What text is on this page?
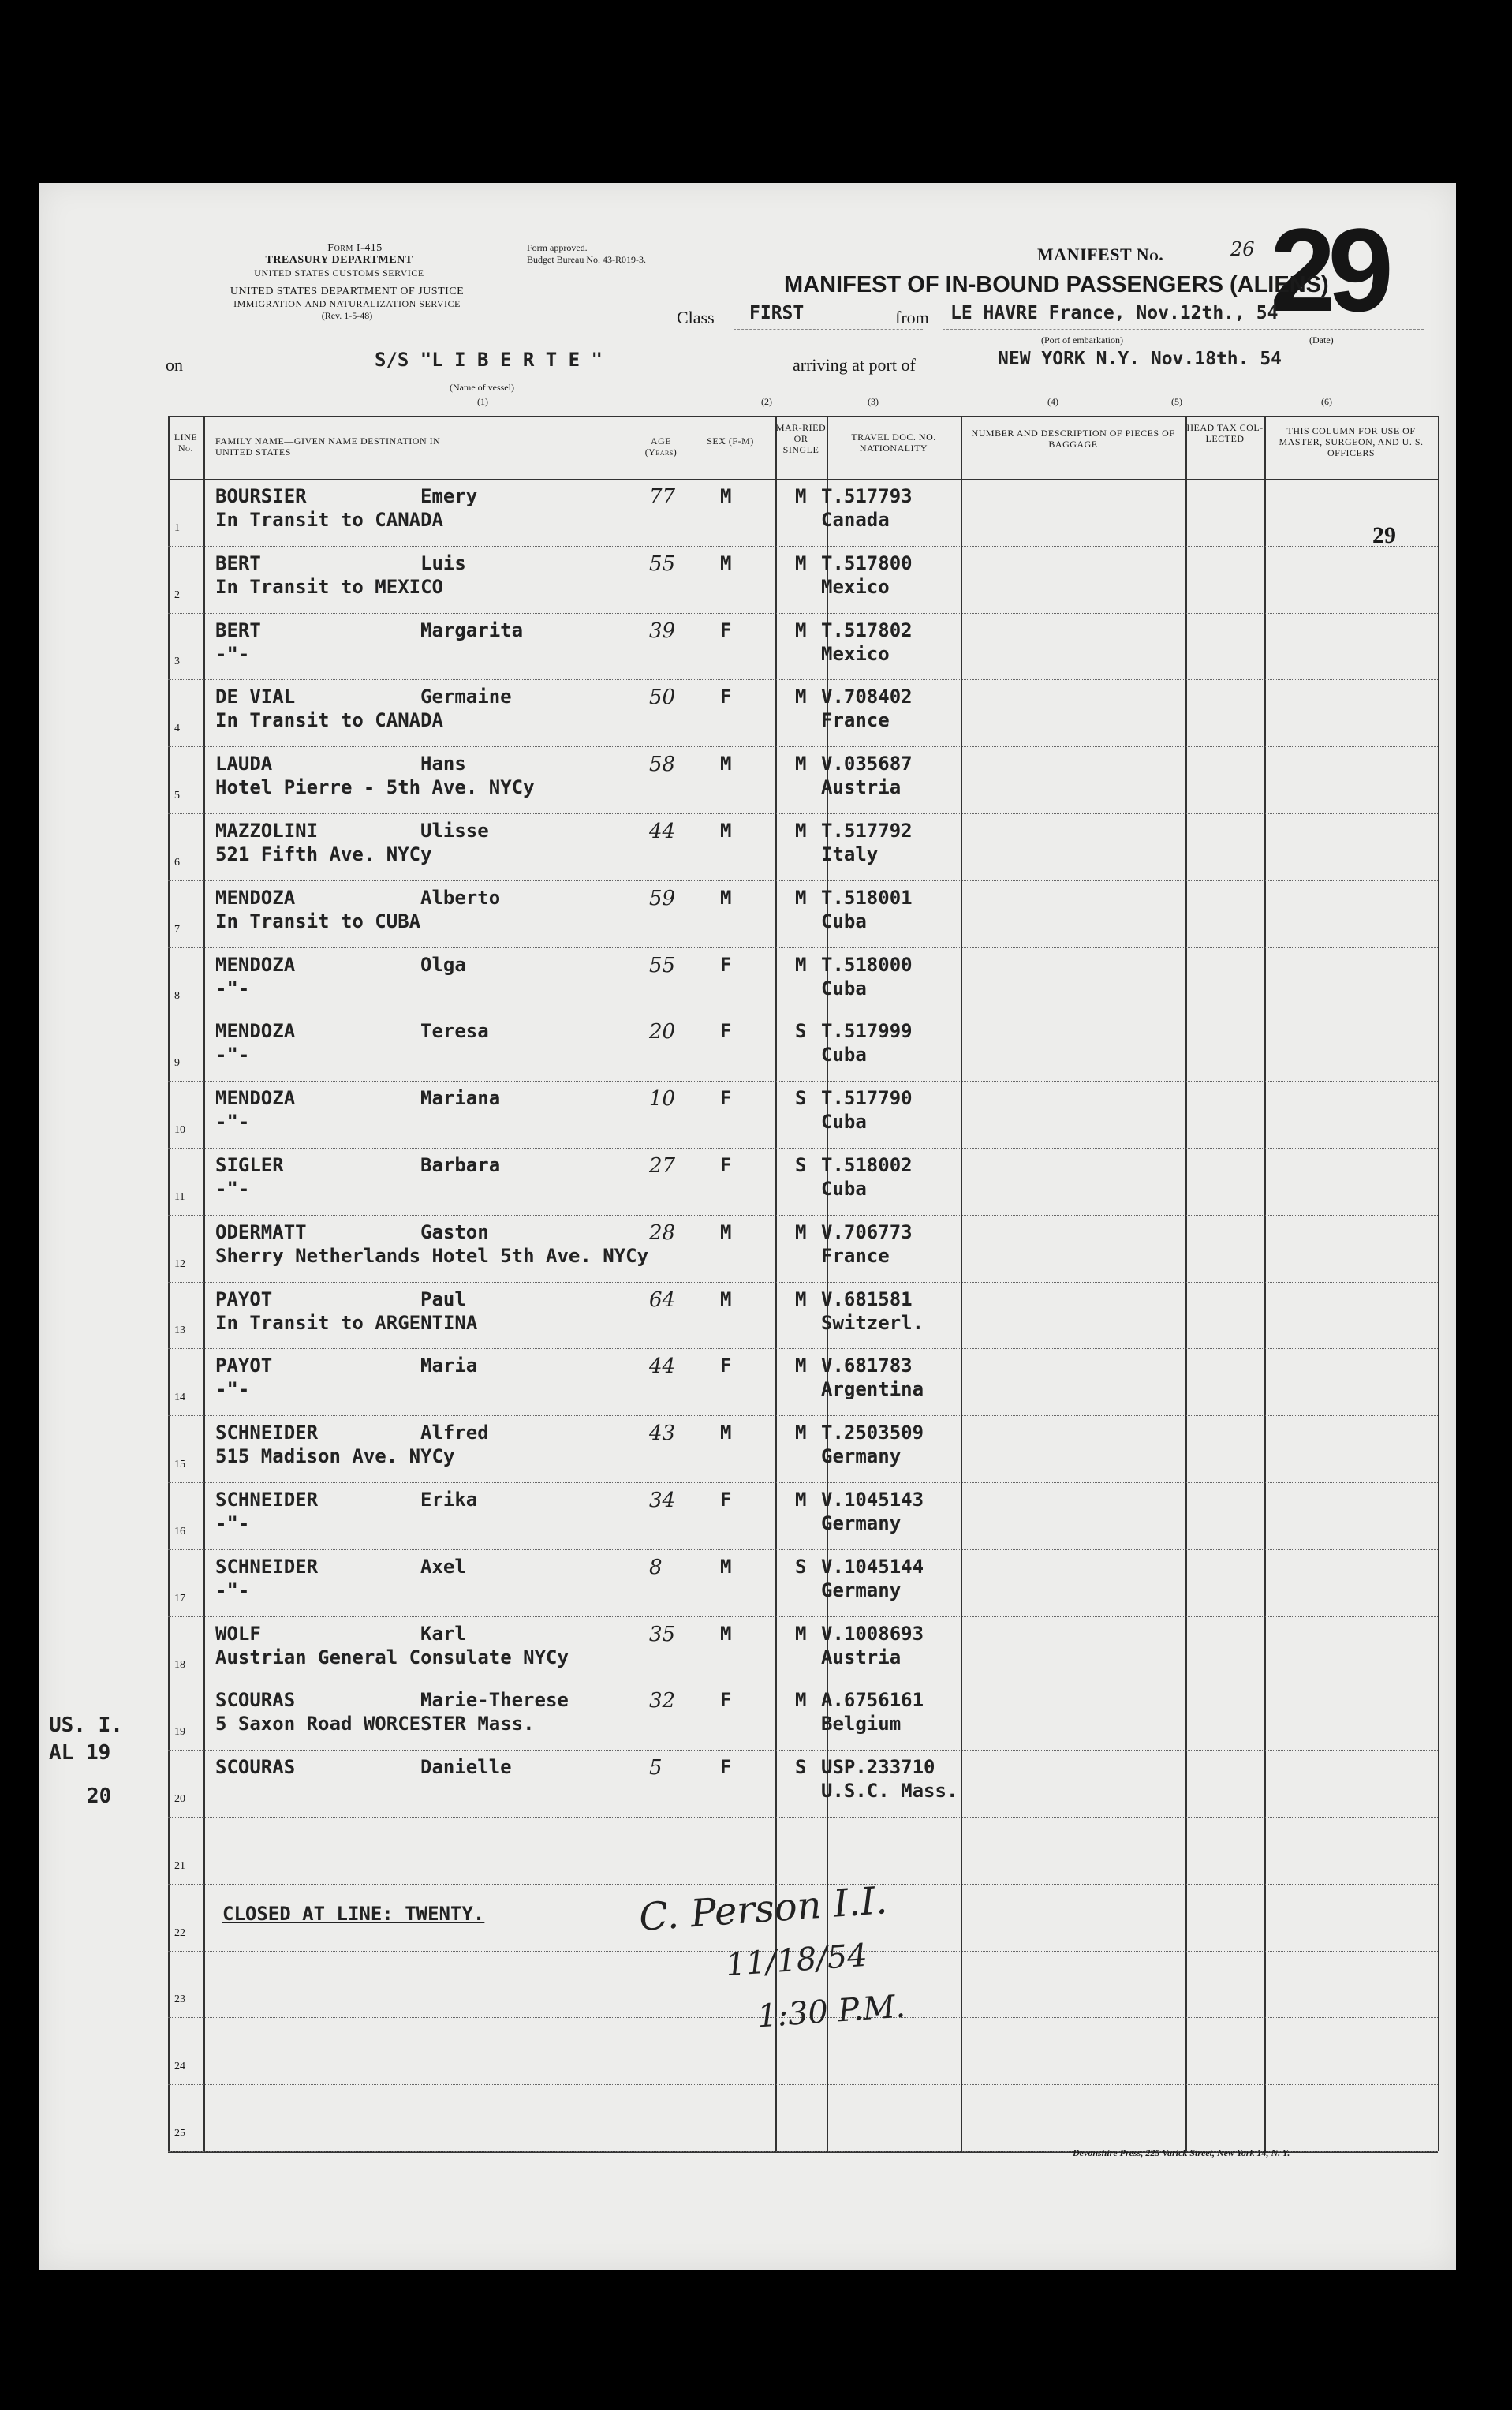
Form I-415
TREASURY DEPARTMENT
UNITED STATES CUSTOMS SERVICE
UNITED STATES DEPARTMENT OF JUSTICE
IMMIGRATION AND NATURALIZATION SERVICE
(Rev. 1-5-48)
Form approved.
Budget Bureau No. 43-R019-3.	MANIFEST No.	26 29
MANIFEST OF IN-BOUND PASSENGERS (ALIENS)
Class FIRST	from LE HAVRE France, Nov.12th., 54
(Port of embarkation)	(Date)
on	S/S "L I B E R T E "
(Name of vessel)
arriving at port of	NEW YORK N.Y. Nov.18th. 54
(1)	(2)	(3)	(4)	(5)	(6)
LINE No.
FAMILY NAME—GIVEN NAME DESTINATION IN UNITED STATES
AGE (Years)
SEX (F-M)
MAR-RIED OR SINGLE
TRAVEL DOC. NO. NATIONALITY
NUMBER AND DESCRIPTION OF PIECES OF BAGGAGE
HEAD TAX COL-LECTED
THIS COLUMN FOR USE OF MASTER, SURGEON, AND U. S. OFFICERS
1
BOURSIER	Emery
In Transit to CANADA
77 M	M T.517793
Canada
2
BERT	Luis
In Transit to MEXICO
55 M	M T.517800
Mexico
3
BERT	Margarita
-"-
39 F	M T.517802
Mexico
4
DE VIAL	Germaine
In Transit to CANADA
50 F	M V.708402
France
5
LAUDA	Hans
Hotel Pierre - 5th Ave. NYCy
58 M	M V.035687
Austria
6
MAZZOLINI	Ulisse
521 Fifth Ave. NYCy
44 M	M T.517792
Italy
7
MENDOZA	Alberto
In Transit to CUBA
59 M	M T.518001
Cuba
8
MENDOZA	Olga
-"-
55 F	M T.518000
Cuba
9
MENDOZA	Teresa
-"-
20 F	S T.517999
Cuba
10
MENDOZA	Mariana
-"-
10 F	S T.517790
Cuba
11
SIGLER	Barbara
-"-
27 F	S T.518002
Cuba
12
ODERMATT	Gaston
Sherry Netherlands Hotel 5th Ave. NYCy
28 M	M V.706773
France
13
PAYOT	Paul
In Transit to ARGENTINA
64 M	M V.681581
Switzerl.
14
PAYOT	Maria
-"-
44 F	M V.681783
Argentina
15
SCHNEIDER	Alfred
515 Madison Ave. NYCy
43 M	M T.2503509
Germany
16
SCHNEIDER	Erika
-"-
34 F	M V.1045143
Germany
17
SCHNEIDER	Axel
-"-
8	M	S V.1045144
Germany
18
WOLF	Karl
Austrian General Consulate NYCy
35 M	M V.1008693
Austria
19
SCOURAS	Marie-Therese
5 Saxon Road WORCESTER Mass.
32 F	M A.6756161
Belgium
20
SCOURAS	Danielle	5	F	S USP.233710
U.S.C. Mass.
21
22
23
24
25
29
CLOSED AT LINE: TWENTY.	C. Person I.I.
11/18/54
1:30 P.M.
US. I.
AL 19
20
Devonshire Press, 225 Varick Street, New York 14, N. Y.
